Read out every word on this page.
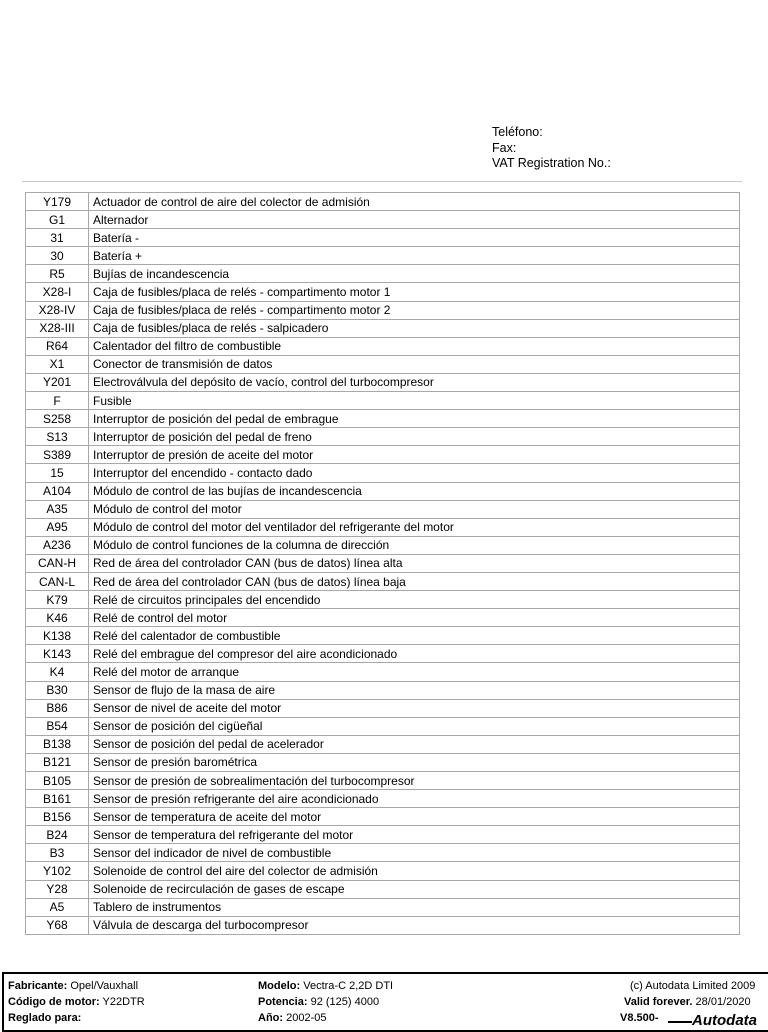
Teléfono:
Fax:
VAT Registration No.:
Y179	Actuador de control de aire del colector de admisión
G1	Alternador
31	Batería -
30	Batería +
R5	Bujías de incandescencia
X28-I	Caja de fusibles/placa de relés - compartimento motor 1
X28-IV	Caja de fusibles/placa de relés - compartimento motor 2
X28-III	Caja de fusibles/placa de relés - salpicadero
R64	Calentador del filtro de combustible
X1	Conector de transmisión de datos
Y201	Electroválvula del depósito de vacío, control del turbocompresor
F	Fusible
S258	Interruptor de posición del pedal de embrague
S13	Interruptor de posición del pedal de freno
S389	Interruptor de presión de aceite del motor
15	Interruptor del encendido - contacto dado
A104	Módulo de control de las bujías de incandescencia
A35	Módulo de control del motor
A95	Módulo de control del motor del ventilador del refrigerante del motor
A236	Módulo de control funciones de la columna de dirección
CAN-H	Red de área del controlador CAN (bus de datos) línea alta
CAN-L	Red de área del controlador CAN (bus de datos) línea baja
K79	Relé de circuitos principales del encendido
K46	Relé de control del motor
K138	Relé del calentador de combustible
K143	Relé del embrague del compresor del aire acondicionado
K4	Relé del motor de arranque
B30	Sensor de flujo de la masa de aire
B86	Sensor de nivel de aceite del motor
B54	Sensor de posición del cigüeñal
B138	Sensor de posición del pedal de acelerador
B121	Sensor de presión barométrica
B105	Sensor de presión de sobrealimentación del turbocompresor
B161	Sensor de presión refrigerante del aire acondicionado
B156	Sensor de temperatura de aceite del motor
B24	Sensor de temperatura del refrigerante del motor
B3	Sensor del indicador de nivel de combustible
Y102	Solenoide de control del aire del colector de admisión
Y28	Solenoide de recirculación de gases de escape
A5	Tablero de instrumentos
Y68	Válvula de descarga del turbocompresor
Fabricante: Opel/Vauxhall
Código de motor: Y22DTR
Reglado para:
Modelo: Vectra-C 2,2D DTI
Potencia: 92 (125) 4000
Año: 2002-05
(c) Autodata Limited 2009
Valid forever. 28/01/2020
V8.500- Autodata
